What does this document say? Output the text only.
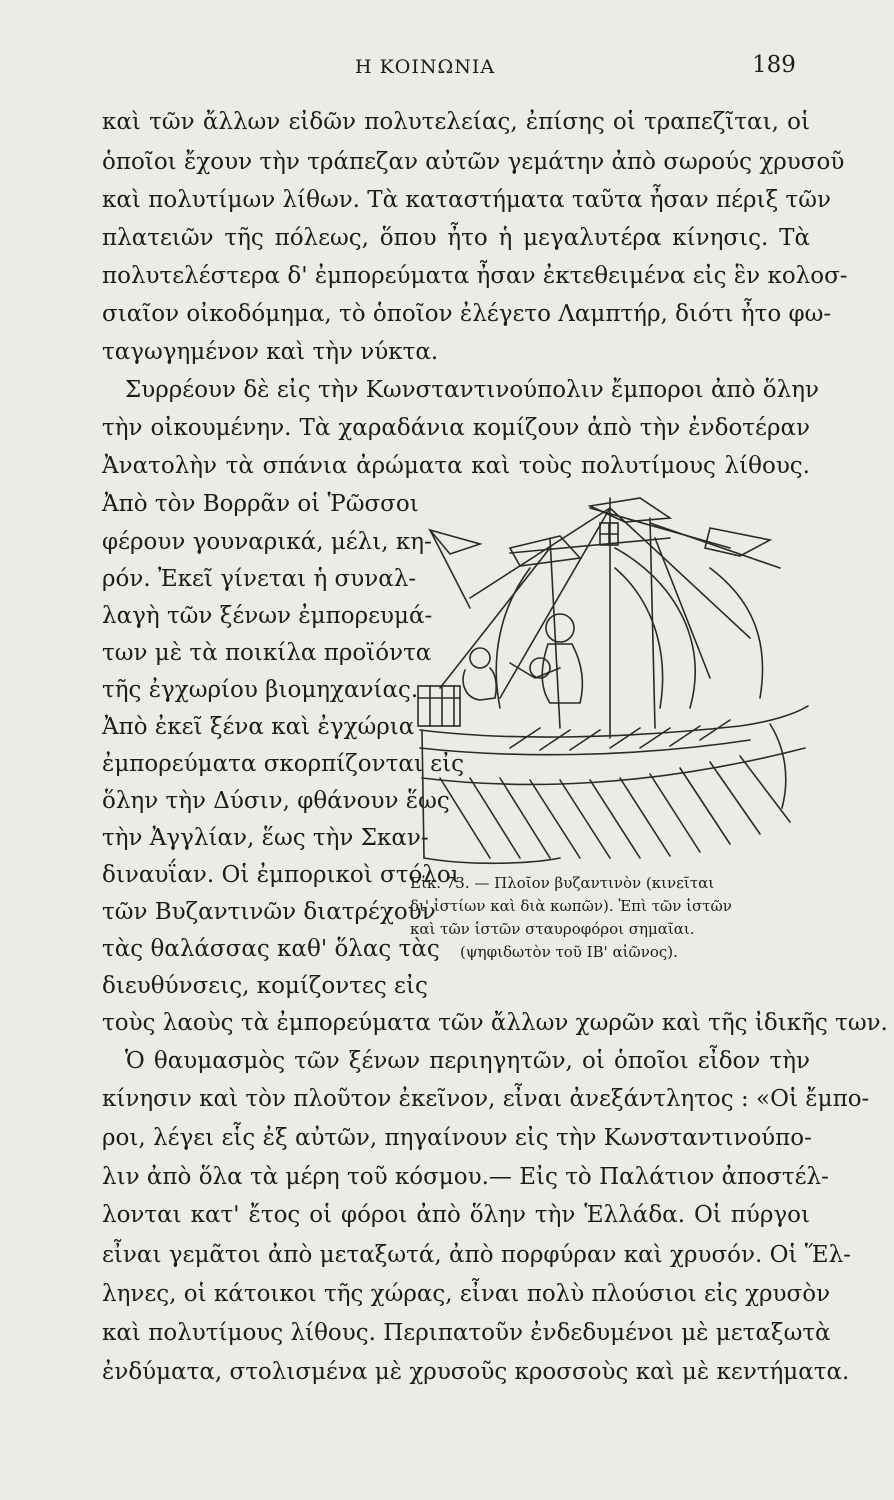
Η ΚΟΙΝΩΝΙΑ	189
καὶ τῶν ἄλλων εἰδῶν πολυτελείας, ἐπίσης οἱ τραπεζῖται, οἱ
ὁποῖοι ἔχουν τὴν τράπεζαν αὐτῶν γεμάτην ἀπὸ σωρούς χρυσοῦ
καὶ πολυτίμων λίθων. Τὰ καταστήματα ταῦτα ἦσαν πέριξ τῶν
πλατειῶν τῆς πόλεως, ὅπου ἦτο ἡ μεγαλυτέρα κίνησις. Τὰ
πολυτελέστερα δ' ἐμπορεύματα ἦσαν ἐκτεθειμένα εἰς ἓν κολοσ-
σιαῖον οἰκοδόμημα, τὸ ὁποῖον ἐλέγετο Λαμπτήρ, διότι ἦτο φω-
ταγωγημένον καὶ τὴν νύκτα.
Συρρέουν δὲ εἰς τὴν Κωνσταντινούπολιν ἔμποροι ἀπὸ ὅλην
τὴν οἰκουμένην. Τὰ χαραδάνια κομίζουν ἀπὸ τὴν ἐνδοτέραν
Ἀνατολὴν τὰ σπάνια ἀρώματα καὶ τοὺς πολυτίμους λίθους.
Ἀπὸ τὸν Βορρᾶν οἱ Ῥῶσσοι
φέρουν γουναρικά, μέλι, κη-
ρόν. Ἐκεῖ γίνεται ἡ συναλ-
λαγὴ τῶν ξένων ἐμπορευμά-
των μὲ τὰ ποικίλα προϊόντα
τῆς ἐγχωρίου βιομηχανίας.
Ἀπὸ ἐκεῖ ξένα καὶ ἐγχώρια
ἐμπορεύματα σκορπίζονται εἰς
ὅλην τὴν Δύσιν, φθάνουν ἕως
τὴν Ἀγγλίαν, ἕως τὴν Σκαν-
διναυΐαν. Οἱ ἐμπορικοὶ στόλοι
τῶν Βυζαντινῶν διατρέχουν
τὰς θαλάσσας καθ' ὅλας τὰς
διευθύνσεις, κομίζοντες εἰς
τοὺς λαοὺς τὰ ἐμπορεύματα τῶν ἄλλων χωρῶν καὶ τῆς ἰδικῆς των.
Εἰκ. 73. — Πλοῖον βυζαντινὸν (κινεῖται
δι' ἱστίων καὶ διὰ κωπῶν). Ἐπὶ τῶν ἱστῶν
καὶ τῶν ἱστῶν σταυροφόροι σημαῖαι.
(ψηφιδωτὸν τοῦ ΙΒ' αἰῶνος).
Ὁ θαυμασμὸς τῶν ξένων περιηγητῶν, οἱ ὁποῖοι εἶδον τὴν
κίνησιν καὶ τὸν πλοῦτον ἐκεῖνον, εἶναι ἀνεξάντλητος : «Οἱ ἔμπο-
ροι, λέγει εἷς ἐξ αὐτῶν, πηγαίνουν εἰς τὴν Κωνσταντινούπο-
λιν ἀπὸ ὅλα τὰ μέρη τοῦ κόσμου.— Εἰς τὸ Παλάτιον ἀποστέλ-
λονται κατ' ἔτος οἱ φόροι ἀπὸ ὅλην τὴν Ἑλλάδα. Οἱ πύργοι
εἶναι γεμᾶτοι ἀπὸ μεταξωτά, ἀπὸ πορφύραν καὶ χρυσόν. Οἱ Ἕλ-
ληνες, οἱ κάτοικοι τῆς χώρας, εἶναι πολὺ πλούσιοι εἰς χρυσὸν
καὶ πολυτίμους λίθους. Περιπατοῦν ἐνδεδυμένοι μὲ μεταξωτὰ
ἐνδύματα, στολισμένα μὲ χρυσοῦς κροσσοὺς καὶ μὲ κεντήματα.
